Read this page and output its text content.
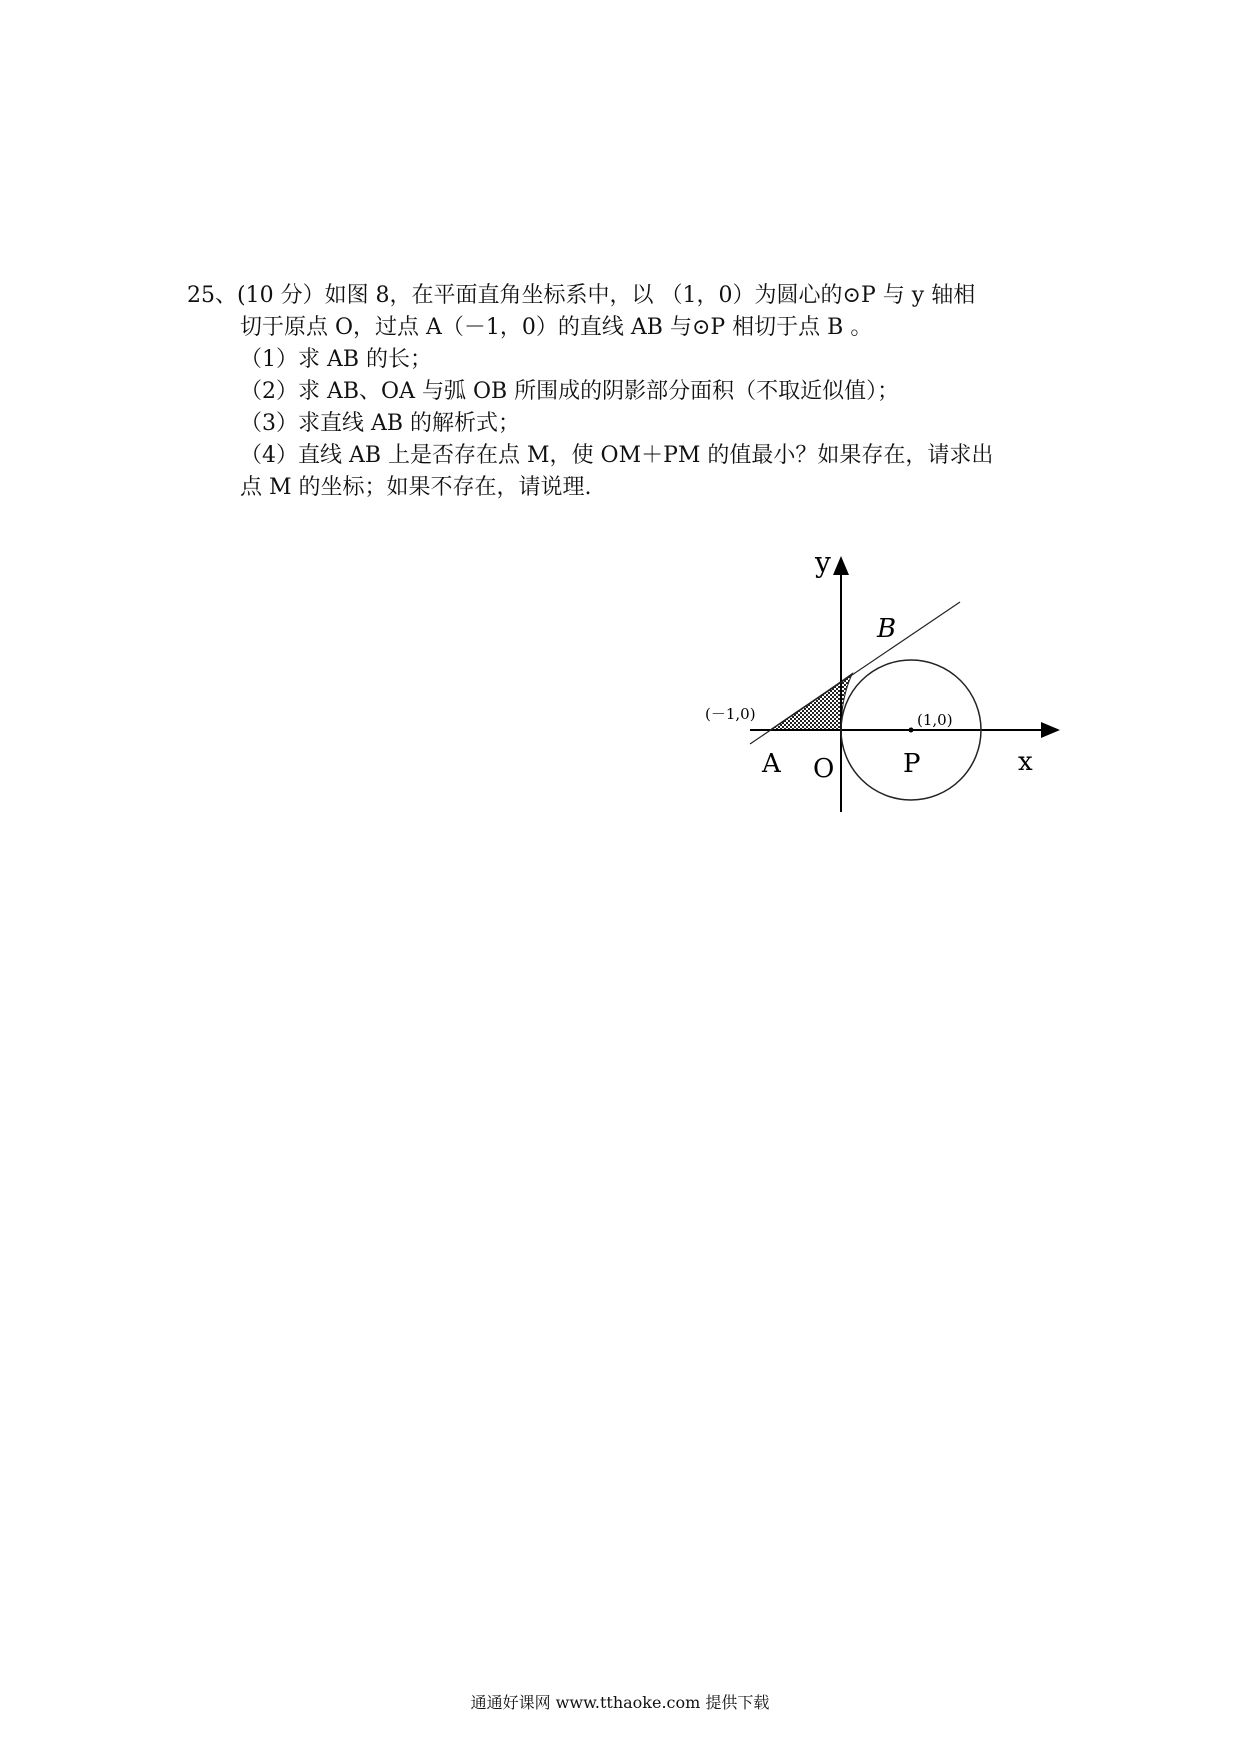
25、(10 分）如图 8，在平面直角坐标系中，以 （1，0）为圆心的⊙P 与 y 轴相
切于原点 O，过点 A（－1，0）的直线 AB 与⊙P 相切于点 B 。
（1）求 AB 的长；
（2）求 AB、OA 与弧 OB 所围成的阴影部分面积（不取近似值）；
（3）求直线 AB 的解析式；
（4）直线 AB 上是否存在点 M，使 OM＋PM 的值最小？如果存在，请求出
点 M 的坐标；如果不存在，请说理.
y
x
B
A O	P
(－1,0)	(1,0)
通通好课网 www.tthaoke.com 提供下载
